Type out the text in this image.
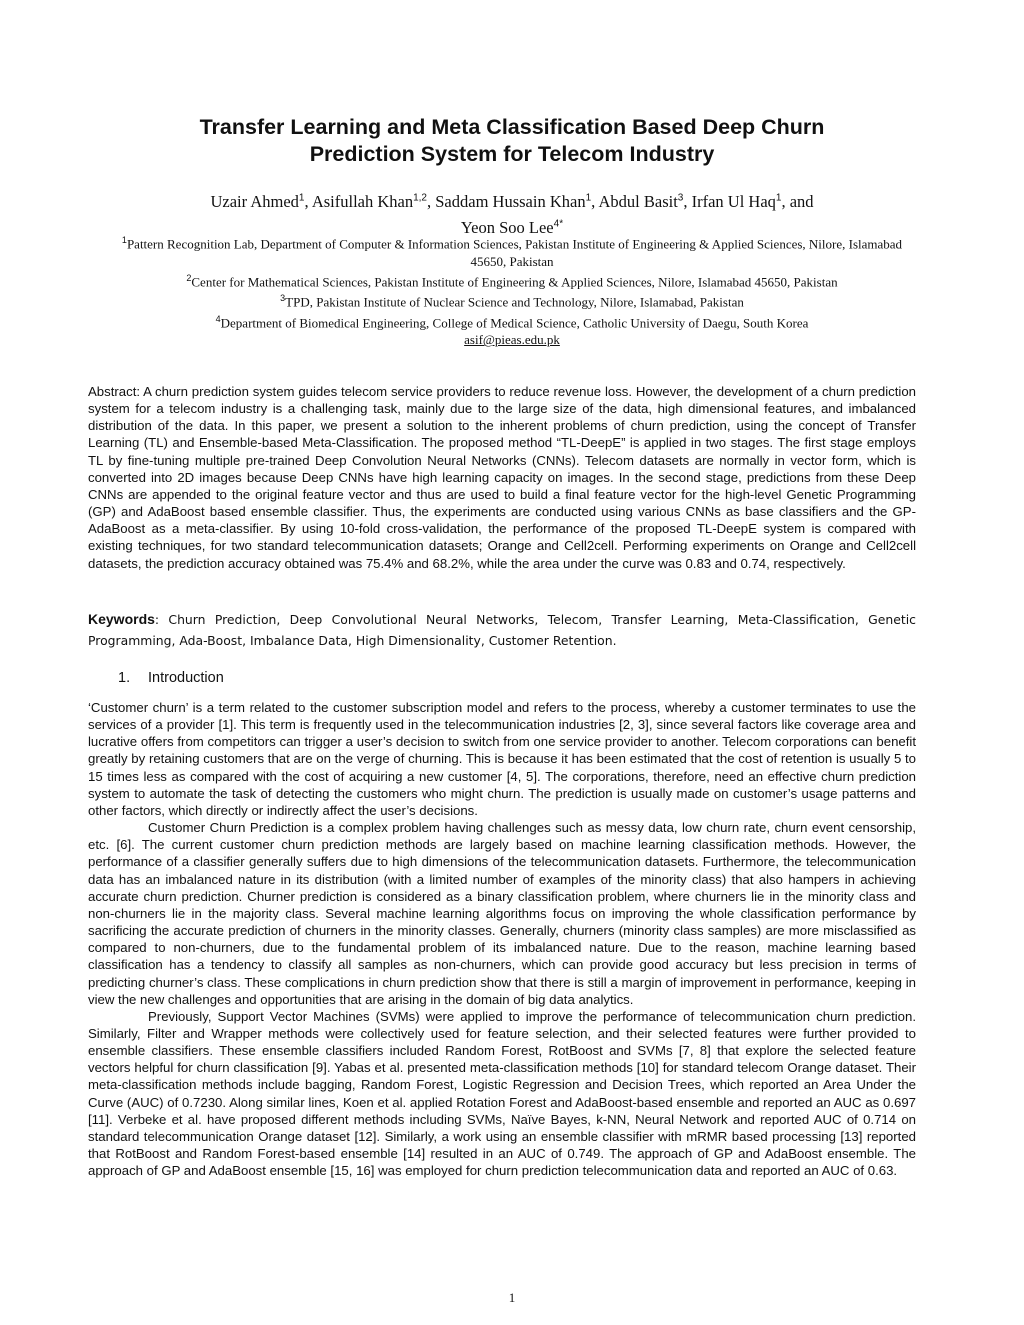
Transfer Learning and Meta Classification Based Deep Churn
Prediction System for Telecom Industry
Uzair Ahmed$^1$, Asifullah Khan$^{1,2}$, Saddam Hussain Khan$^1$, Abdul Basit$^3$, Irfan Ul Haq$^1$, and
Yeon Soo Lee$^{4*}$
$^1$Pattern Recognition Lab, Department of Computer & Information Sciences, Pakistan Institute of Engineering & Applied Sciences, Nilore, Islamabad 45650, Pakistan
$^2$Center for Mathematical Sciences, Pakistan Institute of Engineering & Applied Sciences, Nilore, Islamabad 45650, Pakistan
$^3$TPD, Pakistan Institute of Nuclear Science and Technology, Nilore, Islamabad, Pakistan
$^4$Department of Biomedical Engineering, College of Medical Science, Catholic University of Daegu, South Korea
asif@pieas.edu.pk
Abstract: A churn prediction system guides telecom service providers to reduce revenue loss. However, the development of a churn prediction system for a telecom industry is a challenging task, mainly due to the large size of the data, high dimensional features, and imbalanced distribution of the data. In this paper, we present a solution to the inherent problems of churn prediction, using the concept of Transfer Learning (TL) and Ensemble-based Meta-Classification. The proposed method “TL-DeepE” is applied in two stages. The first stage employs TL by fine-tuning multiple pre-trained Deep Convolution Neural Networks (CNNs). Telecom datasets are normally in vector form, which is converted into 2D images because Deep CNNs have high learning capacity on images. In the second stage, predictions from these Deep CNNs are appended to the original feature vector and thus are used to build a final feature vector for the high-level Genetic Programming (GP) and AdaBoost based ensemble classifier. Thus, the experiments are conducted using various CNNs as base classifiers and the GP-AdaBoost as a meta-classifier. By using 10-fold cross-validation, the performance of the proposed TL-DeepE system is compared with existing techniques, for two standard telecommunication datasets; Orange and Cell2cell. Performing experiments on Orange and Cell2cell datasets, the prediction accuracy obtained was 75.4% and 68.2%, while the area under the curve was 0.83 and 0.74, respectively.
Keywords: Churn Prediction, Deep Convolutional Neural Networks, Telecom, Transfer Learning, Meta-Classification, Genetic Programming, Ada-Boost, Imbalance Data, High Dimensionality, Customer Retention.
1. Introduction

‘Customer churn’ is a term related to the customer subscription model and refers to the process, whereby a customer terminates to use the services of a provider [1]. This term is frequently used in the telecommunication industries [2, 3], since several factors like coverage area and lucrative offers from competitors can trigger a user’s decision to switch from one service provider to another. Telecom corporations can benefit greatly by retaining customers that are on the verge of churning. This is because it has been estimated that the cost of retention is usually 5 to 15 times less as compared with the cost of acquiring a new customer [4, 5]. The corporations, therefore, need an effective churn prediction system to automate the task of detecting the customers who might churn. The prediction is usually made on customer’s usage patterns and other factors, which directly or indirectly affect the user’s decisions.

Customer Churn Prediction is a complex problem having challenges such as messy data, low churn rate, churn event censorship, etc. [6]. The current customer churn prediction methods are largely based on machine learning classification methods. However, the performance of a classifier generally suffers due to high dimensions of the telecommunication datasets. Furthermore, the telecommunication data has an imbalanced nature in its distribution (with a limited number of examples of the minority class) that also hampers in achieving accurate churn prediction. Churner prediction is considered as a binary classification problem, where churners lie in the minority class and non-churners lie in the majority class. Several machine learning algorithms focus on improving the whole classification performance by sacrificing the accurate prediction of churners in the minority classes. Generally, churners (minority class samples) are more misclassified as compared to non-churners, due to the fundamental problem of its imbalanced nature. Due to the reason, machine learning based classification has a tendency to classify all samples as non-churners, which can provide good accuracy but less precision in terms of predicting churner’s class. These complications in churn prediction show that there is still a margin of improvement in performance, keeping in view the new challenges and opportunities that are arising in the domain of big data analytics.

Previously, Support Vector Machines (SVMs) were applied to improve the performance of telecommunication churn prediction. Similarly, Filter and Wrapper methods were collectively used for feature selection, and their selected features were further provided to ensemble classifiers. These ensemble classifiers included Random Forest, RotBoost and SVMs [7, 8] that explore the selected feature vectors helpful for churn classification [9]. Yabas et al. presented meta-classification methods [10] for standard telecom Orange dataset. Their meta-classification methods include bagging, Random Forest, Logistic Regression and Decision Trees, which reported an Area Under the Curve (AUC) of 0.7230. Along similar lines, Koen et al. applied Rotation Forest and AdaBoost-based ensemble and reported an AUC as 0.697 [11]. Verbeke et al. have proposed different methods including SVMs, Naïve Bayes, k-NN, Neural Network and reported AUC of 0.714 on standard telecommunication Orange dataset [12]. Similarly, a work using an ensemble classifier with mRMR based processing [13] reported that RotBoost and Random Forest-based ensemble [14] resulted in an AUC of 0.749. The approach of GP and AdaBoost ensemble. The approach of GP and AdaBoost ensemble [15, 16] was employed for churn prediction telecommunication data and reported an AUC of 0.63.

1
